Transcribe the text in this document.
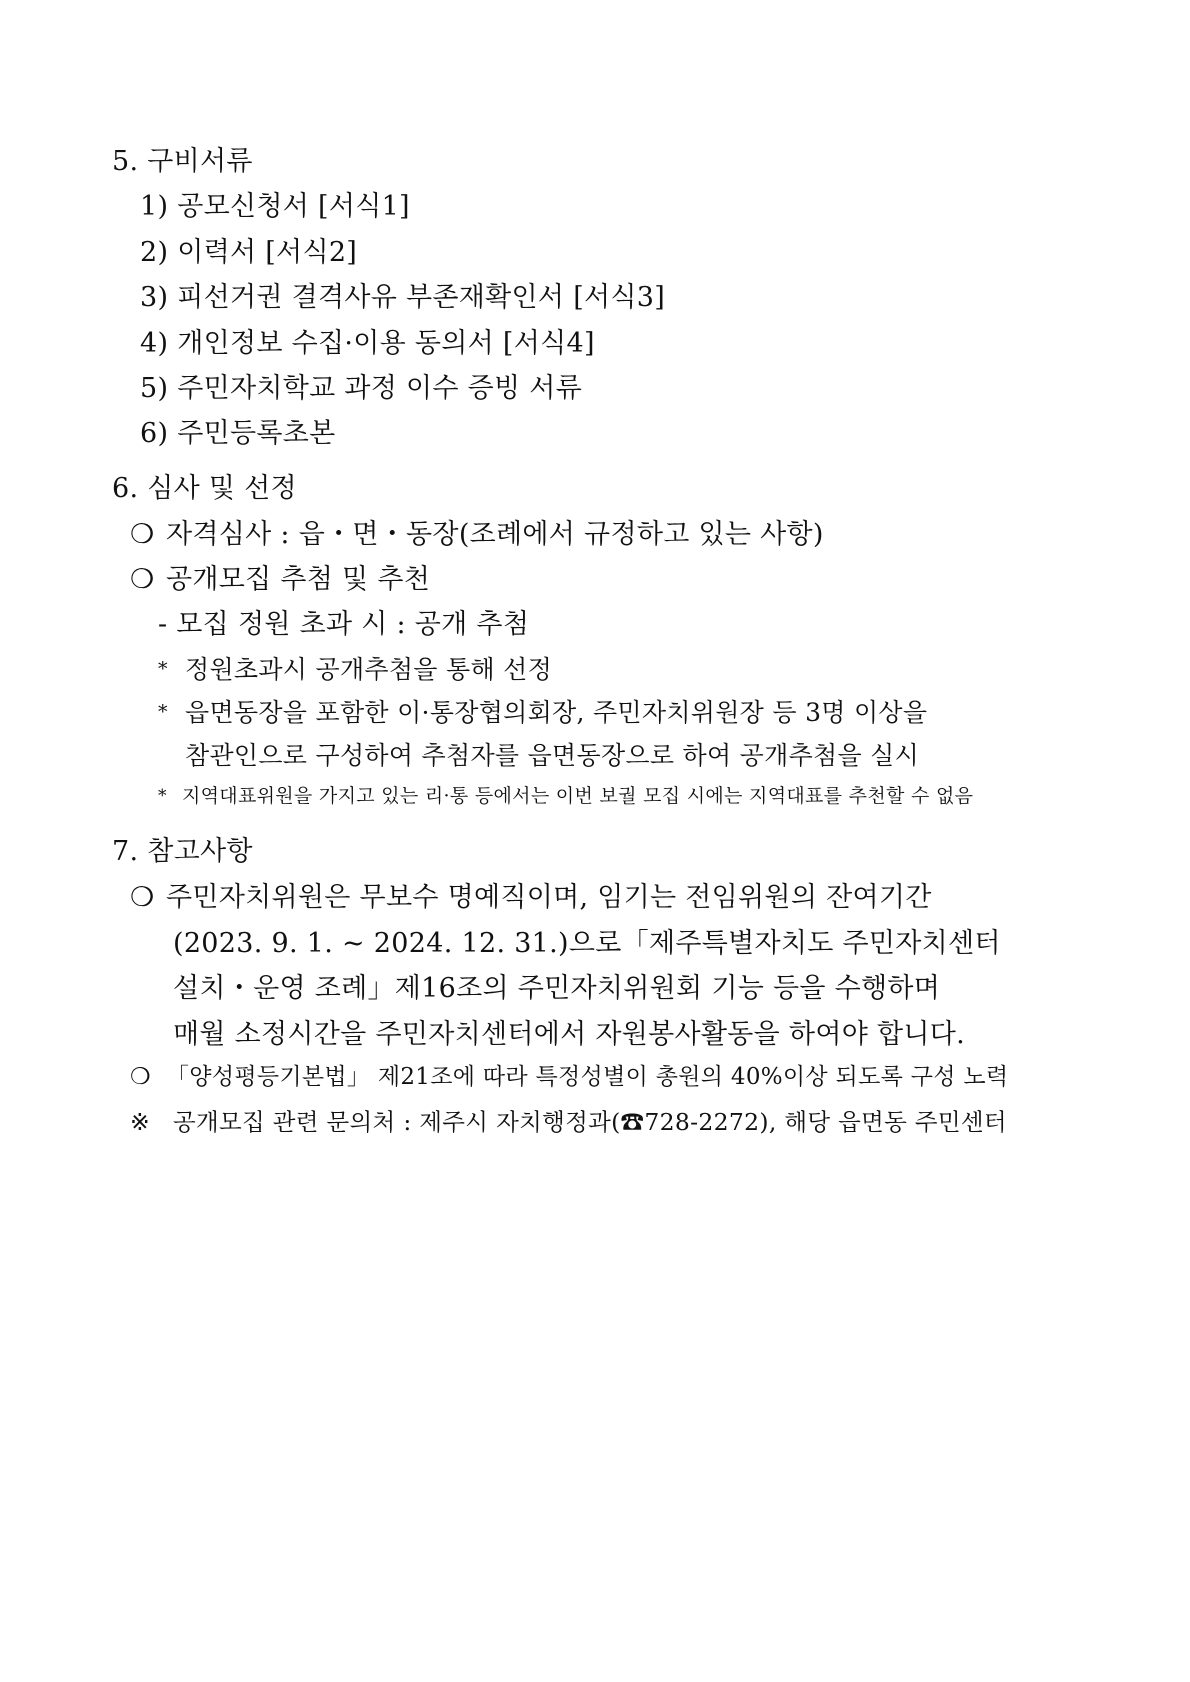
5. 구비서류
1) 공모신청서 [서식1]
2) 이력서 [서식2]
3) 피선거권 결격사유 부존재확인서 [서식3]
4) 개인정보 수집·이용 동의서 [서식4]
5) 주민자치학교 과정 이수 증빙 서류
6) 주민등록초본
6. 심사 및 선정
❍ 자격심사 : 읍・면・동장(조례에서 규정하고 있는 사항)
❍ 공개모집 추첨 및 추천
- 모집 정원 초과 시 : 공개 추첨
* 정원초과시 공개추첨을 통해 선정
* 읍면동장을 포함한 이·통장협의회장, 주민자치위원장 등 3명 이상을
참관인으로 구성하여 추첨자를 읍면동장으로 하여 공개추첨을 실시
* 지역대표위원을 가지고 있는 리·통 등에서는 이번 보궐 모집 시에는 지역대표를 추천할 수 없음
7. 참고사항
❍ 주민자치위원은 무보수 명예직이며, 임기는 전임위원의 잔여기간
(2023. 9. 1. ~ 2024. 12. 31.)으로「제주특별자치도 주민자치센터
설치・운영 조례」제16조의 주민자치위원회 기능 등을 수행하며
매월 소정시간을 주민자치센터에서 자원봉사활동을 하여야 합니다.
❍ 「양성평등기본법」 제21조에 따라 특정성별이 총원의 40%이상 되도록 구성 노력
※ 공개모집 관련 문의처 : 제주시 자치행정과(☎728-2272), 해당 읍면동 주민센터
